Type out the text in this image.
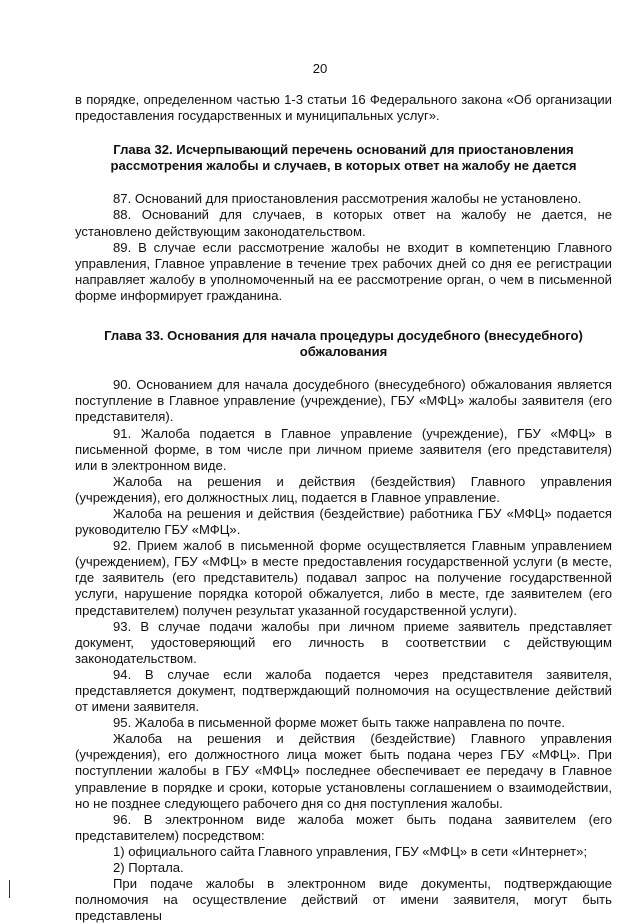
20

в порядке, определенном частью 1-3 статьи 16 Федерального закона «Об организации предоставления государственных и муниципальных услуг».

Глава 32. Исчерпывающий перечень оснований для приостановления рассмотрения жалобы и случаев, в которых ответ на жалобу не дается

87. Оснований для приостановления рассмотрения жалобы не установлено.

88. Оснований для случаев, в которых ответ на жалобу не дается, не установлено действующим законодательством.

89. В случае если рассмотрение жалобы не входит в компетенцию Главного управления, Главное управление в течение трех рабочих дней со дня ее регистрации направляет жалобу в уполномоченный на ее рассмотрение орган, о чем в письменной форме информирует гражданина.

Глава 33. Основания для начала процедуры досудебного (внесудебного) обжалования

90. Основанием для начала досудебного (внесудебного) обжалования является поступление в Главное управление (учреждение), ГБУ «МФЦ» жалобы заявителя (его представителя).

91. Жалоба подается в Главное управление (учреждение), ГБУ «МФЦ» в письменной форме, в том числе при личном приеме заявителя (его представителя) или в электронном виде.

Жалоба на решения и действия (бездействия) Главного управления (учреждения), его должностных лиц, подается в Главное управление.

Жалоба на решения и действия (бездействие) работника ГБУ «МФЦ» подается руководителю ГБУ «МФЦ».

92. Прием жалоб в письменной форме осуществляется Главным управлением (учреждением), ГБУ «МФЦ» в месте предоставления государственной услуги (в месте, где заявитель (его представитель) подавал запрос на получение государственной услуги, нарушение порядка которой обжалуется, либо в месте, где заявителем (его представителем) получен результат указанной государственной услуги).

93. В случае подачи жалобы при личном приеме заявитель представляет документ, удостоверяющий его личность в соответствии с действующим законодательством.

94. В случае если жалоба подается через представителя заявителя, представляется документ, подтверждающий полномочия на осуществление действий от имени заявителя.

95. Жалоба в письменной форме может быть также направлена по почте.

Жалоба на решения и действия (бездействие) Главного управления (учреждения), его должностного лица может быть подана через ГБУ «МФЦ». При поступлении жалобы в ГБУ «МФЦ» последнее обеспечивает ее передачу в Главное управление в порядке и сроки, которые установлены соглашением о взаимодействии, но не позднее следующего рабочего дня со дня поступления жалобы.

96. В электронном виде жалоба может быть подана заявителем (его представителем) посредством:

1) официального сайта Главного управления, ГБУ «МФЦ» в сети «Интернет»;

2) Портала.

При подаче жалобы в электронном виде документы, подтверждающие полномочия на осуществление действий от имени заявителя, могут быть представлены
